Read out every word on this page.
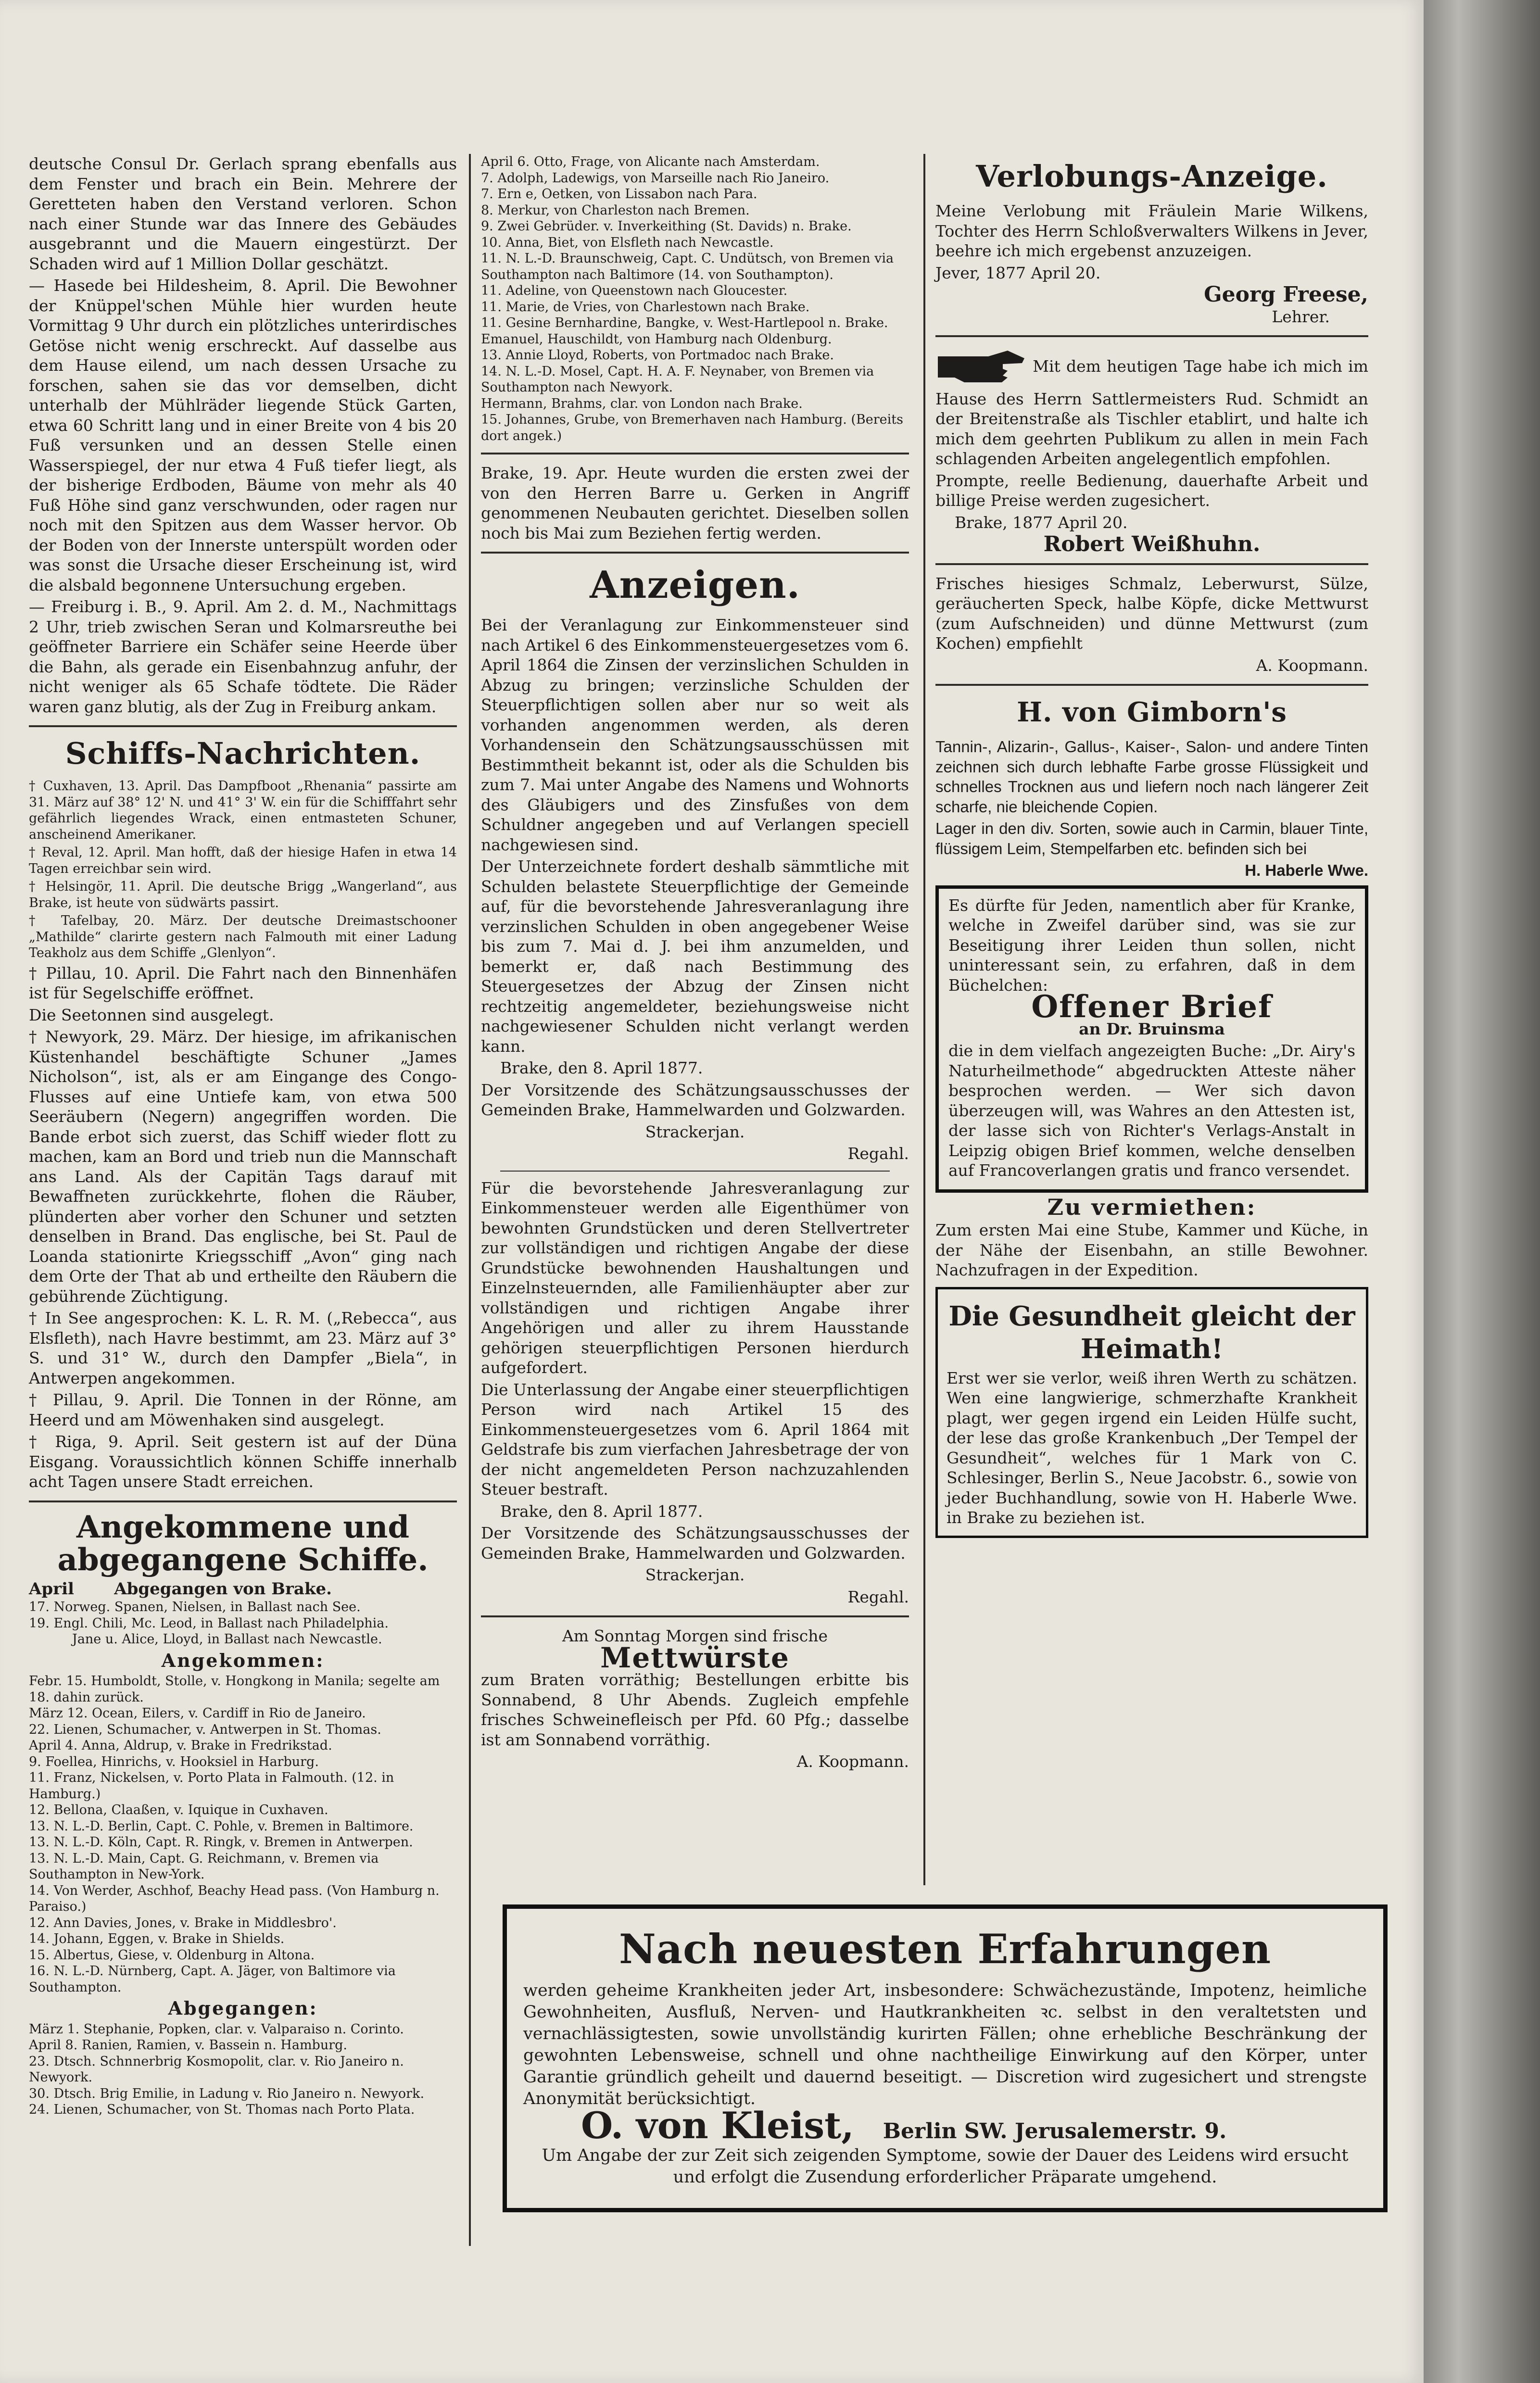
deutsche Consul Dr. Gerlach sprang ebenfalls aus dem Fenster und brach ein Bein. Mehrere der Geretteten haben den Verstand verloren. Schon nach einer Stunde war das Innere des Gebäudes ausgebrannt und die Mauern eingestürzt. Der Schaden wird auf 1 Million Dollar geschätzt.

— Hasede bei Hildesheim, 8. April. Die Bewohner der Knüppel'schen Mühle hier wurden heute Vormittag 9 Uhr durch ein plötzliches unterirdisches Getöse nicht wenig erschreckt. Auf dasselbe aus dem Hause eilend, um nach dessen Ursache zu forschen, sahen sie das vor demselben, dicht unterhalb der Mühlräder liegende Stück Garten, etwa 60 Schritt lang und in einer Breite von 4 bis 20 Fuß versunken und an dessen Stelle einen Wasserspiegel, der nur etwa 4 Fuß tiefer liegt, als der bisherige Erdboden, Bäume von mehr als 40 Fuß Höhe sind ganz verschwunden, oder ragen nur noch mit den Spitzen aus dem Wasser hervor. Ob der Boden von der Innerste unterspült worden oder was sonst die Ursache dieser Erscheinung ist, wird die alsbald begonnene Untersuchung ergeben.

— Freiburg i. B., 9. April. Am 2. d. M., Nachmittags 2 Uhr, trieb zwischen Seran und Kolmarsreuthe bei geöffneter Barriere ein Schäfer seine Heerde über die Bahn, als gerade ein Eisenbahnzug anfuhr, der nicht weniger als 65 Schafe tödtete. Die Räder waren ganz blutig, als der Zug in Freiburg ankam.

Schiffs-Nachrichten.

† Cuxhaven, 13. April. Das Dampfboot „Rhenania“ passirte am 31. März auf 38° 12' N. und 41° 3' W. ein für die Schifffahrt sehr gefährlich liegendes Wrack, einen entmasteten Schuner, anscheinend Amerikaner.

† Reval, 12. April. Man hofft, daß der hiesige Hafen in etwa 14 Tagen erreichbar sein wird.

† Helsingör, 11. April. Die deutsche Brigg „Wangerland“, aus Brake, ist heute von südwärts passirt.

† Tafelbay, 20. März. Der deutsche Dreimastschooner „Mathilde“ clarirte gestern nach Falmouth mit einer Ladung Teakholz aus dem Schiffe „Glenlyon“.

† Pillau, 10. April. Die Fahrt nach den Binnenhäfen ist für Segelschiffe eröffnet.

Die Seetonnen sind ausgelegt.

† Newyork, 29. März. Der hiesige, im afrikanischen Küstenhandel beschäftigte Schuner „James Nicholson“, ist, als er am Eingange des Congo-Flusses auf eine Untiefe kam, von etwa 500 Seeräubern (Negern) angegriffen worden. Die Bande erbot sich zuerst, das Schiff wieder flott zu machen, kam an Bord und trieb nun die Mannschaft ans Land. Als der Capitän Tags darauf mit Bewaffneten zurückkehrte, flohen die Räuber, plünderten aber vorher den Schuner und setzten denselben in Brand. Das englische, bei St. Paul de Loanda stationirte Kriegsschiff „Avon“ ging nach dem Orte der That ab und ertheilte den Räubern die gebührende Züchtigung.

† In See angesprochen: K. L. R. M. („Rebecca“, aus Elsfleth), nach Havre bestimmt, am 23. März auf 3° S. und 31° W., durch den Dampfer „Biela“, in Antwerpen angekommen.

† Pillau, 9. April. Die Tonnen in der Rönne, am Heerd und am Möwenhaken sind ausgelegt.

† Riga, 9. April. Seit gestern ist auf der Düna Eisgang. Voraussichtlich können Schiffe innerhalb acht Tagen unsere Stadt erreichen.

Angekommene und abgegangene Schiffe.
April Abgegangen von Brake.

17. Norweg. Spanen, Nielsen, in Ballast nach See.

19. Engl. Chili, Mc. Leod, in Ballast nach Philadelphia.

Jane u. Alice, Lloyd, in Ballast nach Newcastle.

Angekommen:

Febr. 15. Humboldt, Stolle, v. Hongkong in Manila; segelte am 18. dahin zurück.

März 12. Ocean, Eilers, v. Cardiff in Rio de Janeiro.

22. Lienen, Schumacher, v. Antwerpen in St. Thomas.

April 4. Anna, Aldrup, v. Brake in Fredrikstad.

9. Foellea, Hinrichs, v. Hooksiel in Harburg.

11. Franz, Nickelsen, v. Porto Plata in Falmouth. (12. in Hamburg.)

12. Bellona, Claaßen, v. Iquique in Cuxhaven.

13. N. L.-D. Berlin, Capt. C. Pohle, v. Bremen in Baltimore.

13. N. L.-D. Köln, Capt. R. Ringk, v. Bremen in Antwerpen.

13. N. L.-D. Main, Capt. G. Reichmann, v. Bremen via Southampton in New-York.

14. Von Werder, Aschhof, Beachy Head pass. (Von Hamburg n. Paraiso.)

12. Ann Davies, Jones, v. Brake in Middlesbro'.

14. Johann, Eggen, v. Brake in Shields.

15. Albertus, Giese, v. Oldenburg in Altona.

16. N. L.-D. Nürnberg, Capt. A. Jäger, von Baltimore via Southampton.

Abgegangen:

März 1. Stephanie, Popken, clar. v. Valparaiso n. Corinto.

April 8. Ranien, Ramien, v. Bassein n. Hamburg.

23. Dtsch. Schnnerbrig Kosmopolit, clar. v. Rio Janeiro n. Newyork.

30. Dtsch. Brig Emilie, in Ladung v. Rio Janeiro n. Newyork.

24. Lienen, Schumacher, von St. Thomas nach Porto Plata.

April 6. Otto, Frage, von Alicante nach Amsterdam.

7. Adolph, Ladewigs, von Marseille nach Rio Janeiro.

7. Ern e, Oetken, von Lissabon nach Para.

8. Merkur, von Charleston nach Bremen.

9. Zwei Gebrüder. v. Inverkeithing (St. Davids) n. Brake.

10. Anna, Biet, von Elsfleth nach Newcastle.

11. N. L.-D. Braunschweig, Capt. C. Undütsch, von Bremen via Southampton nach Baltimore (14. von Southampton).

11. Adeline, von Queenstown nach Gloucester.

11. Marie, de Vries, von Charlestown nach Brake.

11. Gesine Bernhardine, Bangke, v. West-Hartlepool n. Brake.

Emanuel, Hauschildt, von Hamburg nach Oldenburg.

13. Annie Lloyd, Roberts, von Portmadoc nach Brake.

14. N. L.-D. Mosel, Capt. H. A. F. Neynaber, von Bremen via Southampton nach Newyork.

Hermann, Brahms, clar. von London nach Brake.

15. Johannes, Grube, von Bremerhaven nach Hamburg. (Bereits dort angek.)

Brake, 19. Apr. Heute wurden die ersten zwei der von den Herren Barre u. Gerken in Angriff genommenen Neubauten gerichtet. Dieselben sollen noch bis Mai zum Beziehen fertig werden.

Anzeigen.

Bei der Veranlagung zur Einkommensteuer sind nach Artikel 6 des Einkommensteuergesetzes vom 6. April 1864 die Zinsen der verzinslichen Schulden in Abzug zu bringen; verzinsliche Schulden der Steuerpflichtigen sollen aber nur so weit als vorhanden angenommen werden, als deren Vorhandensein den Schätzungsausschüssen mit Bestimmtheit bekannt ist, oder als die Schulden bis zum 7. Mai unter Angabe des Namens und Wohnorts des Gläubigers und des Zinsfußes von dem Schuldner angegeben und auf Verlangen speciell nachgewiesen sind.

Der Unterzeichnete fordert deshalb sämmtliche mit Schulden belastete Steuerpflichtige der Gemeinde auf, für die bevorstehende Jahresveranlagung ihre verzinslichen Schulden in oben angegebener Weise bis zum 7. Mai d. J. bei ihm anzumelden, und bemerkt er, daß nach Bestimmung des Steuergesetzes der Abzug der Zinsen nicht rechtzeitig angemeldeter, beziehungsweise nicht nachgewiesener Schulden nicht verlangt werden kann.

Brake, den 8. April 1877.

Der Vorsitzende des Schätzungsausschusses der Gemeinden Brake, Hammelwarden und Golzwarden.

Strackerjan.

Regahl.

Für die bevorstehende Jahresveranlagung zur Einkommensteuer werden alle Eigenthümer von bewohnten Grundstücken und deren Stellvertreter zur vollständigen und richtigen Angabe der diese Grundstücke bewohnenden Haushaltungen und Einzelnsteuernden, alle Familienhäupter aber zur vollständigen und richtigen Angabe ihrer Angehörigen und aller zu ihrem Hausstande gehörigen steuerpflichtigen Personen hierdurch aufgefordert.

Die Unterlassung der Angabe einer steuerpflichtigen Person wird nach Artikel 15 des Einkommensteuergesetzes vom 6. April 1864 mit Geldstrafe bis zum vierfachen Jahresbetrage der von der nicht angemeldeten Person nachzuzahlenden Steuer bestraft.

Brake, den 8. April 1877.

Der Vorsitzende des Schätzungsausschusses der Gemeinden Brake, Hammelwarden und Golzwarden.

Strackerjan.

Regahl.

Am Sonntag Morgen sind frische

Mettwürste

zum Braten vorräthig; Bestellungen erbitte bis Sonnabend, 8 Uhr Abends. Zugleich empfehle frisches Schweinefleisch per Pfd. 60 Pfg.; dasselbe ist am Sonnabend vorräthig.

A. Koopmann.

Verlobungs-Anzeige.

Meine Verlobung mit Fräulein Marie Wilkens, Tochter des Herrn Schloßverwalters Wilkens in Jever, beehre ich mich ergebenst anzuzeigen.

Jever, 1877 April 20.

Georg Freese,

Lehrer.

Mit dem heutigen Tage habe ich mich im Hause des Herrn Sattlermeisters Rud. Schmidt an der Breitenstraße als Tischler etablirt, und halte ich mich dem geehrten Publikum zu allen in mein Fach schlagenden Arbeiten angelegentlich empfohlen.

Prompte, reelle Bedienung, dauerhafte Arbeit und billige Preise werden zugesichert.

Brake, 1877 April 20.

Robert Weißhuhn.

Frisches hiesiges Schmalz, Leberwurst, Sülze, geräucherten Speck, halbe Köpfe, dicke Mettwurst (zum Aufschneiden) und dünne Mettwurst (zum Kochen) empfiehlt

A. Koopmann.

H. von Gimborn's

Tannin-, Alizarin-, Gallus-, Kaiser-, Salon- und andere Tinten zeichnen sich durch lebhafte Farbe grosse Flüssigkeit und schnelles Trocknen aus und liefern noch nach längerer Zeit scharfe, nie bleichende Copien.

Lager in den div. Sorten, sowie auch in Carmin, blauer Tinte, flüssigem Leim, Stempelfarben etc. befinden sich bei

H. Haberle Wwe.

Es dürfte für Jeden, namentlich aber für Kranke, welche in Zweifel darüber sind, was sie zur Beseitigung ihrer Leiden thun sollen, nicht uninteressant sein, zu erfahren, daß in dem Büchelchen:

Offener Brief

an Dr. Bruinsma

die in dem vielfach angezeigten Buche: „Dr. Airy's Naturheilmethode“ abgedruckten Atteste näher besprochen werden. — Wer sich davon überzeugen will, was Wahres an den Attesten ist, der lasse sich von Richter's Verlags-Anstalt in Leipzig obigen Brief kommen, welche denselben auf Francoverlangen gratis und franco versendet.

Zu vermiethen:

Zum ersten Mai eine Stube, Kammer und Küche, in der Nähe der Eisenbahn, an stille Bewohner. Nachzufragen in der Expedition.

Die Gesundheit gleicht der Heimath!

Erst wer sie verlor, weiß ihren Werth zu schätzen. Wen eine langwierige, schmerzhafte Krankheit plagt, wer gegen irgend ein Leiden Hülfe sucht, der lese das große Krankenbuch „Der Tempel der Gesundheit“, welches für 1 Mark von C. Schlesinger, Berlin S., Neue Jacobstr. 6., sowie von jeder Buchhandlung, sowie von H. Haberle Wwe. in Brake zu beziehen ist.

Nach neuesten Erfahrungen

werden geheime Krankheiten jeder Art, insbesondere: Schwächezustände, Impotenz, heimliche Gewohnheiten, Ausfluß, Nerven- und Hautkrankheiten ꝛc. selbst in den veraltetsten und vernachlässigtesten, sowie unvollständig kurirten Fällen; ohne erhebliche Beschränkung der gewohnten Lebensweise, schnell und ohne nachtheilige Einwirkung auf den Körper, unter Garantie gründlich geheilt und dauernd beseitigt. — Discretion wird zugesichert und strengste Anonymität berücksichtigt.

O. von Kleist, Berlin SW. Jerusalemerstr. 9.

Um Angabe der zur Zeit sich zeigenden Symptome, sowie der Dauer des Leidens wird ersucht und erfolgt die Zusendung erforderlicher Präparate umgehend.
